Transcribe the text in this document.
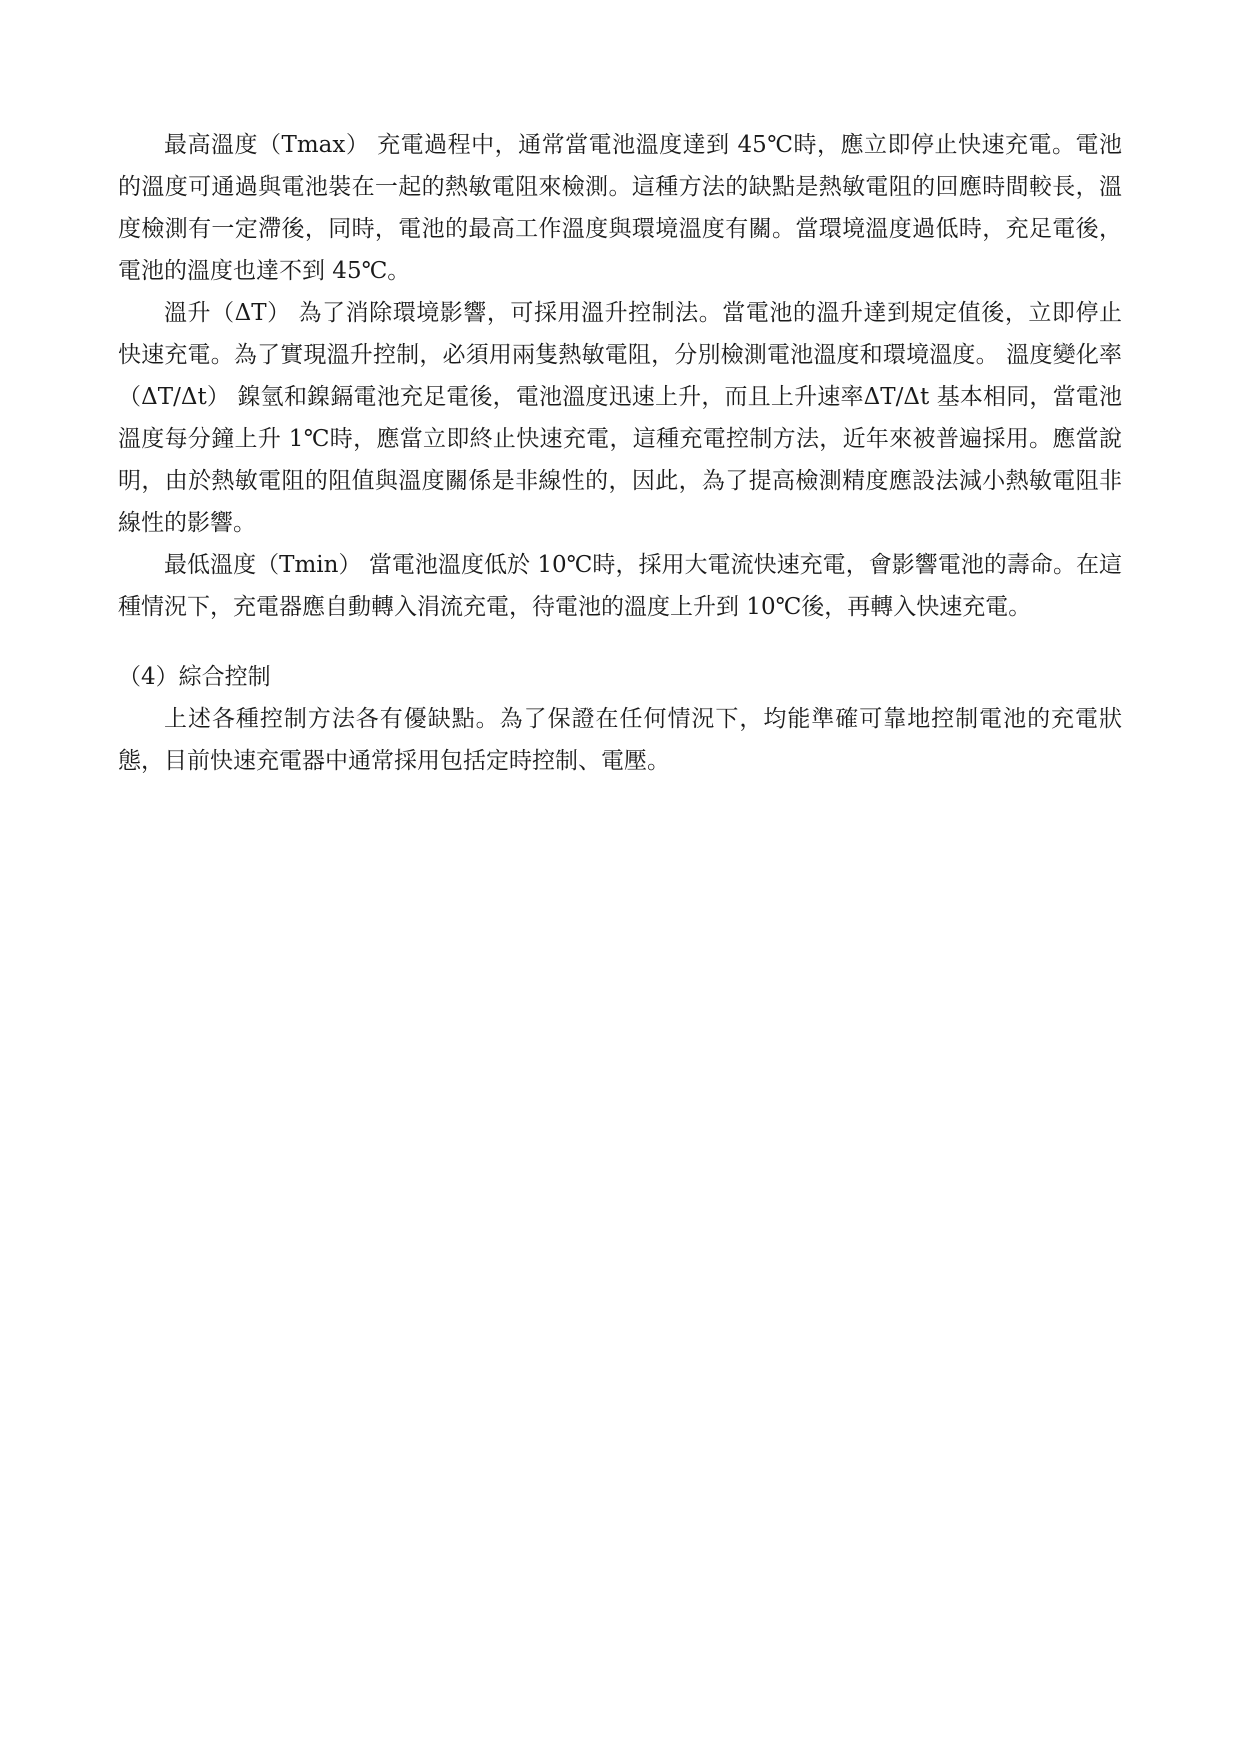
最高溫度（Tmax） 充電過程中，通常當電池溫度達到 45℃時，應立即停止快速充電。電池的溫度可通過與電池裝在一起的熱敏電阻來檢測。這種方法的缺點是熱敏電阻的回應時間較長，溫度檢測有一定滯後，同時，電池的最高工作溫度與環境溫度有關。當環境溫度過低時，充足電後，電池的溫度也達不到 45℃。

溫升（ΔT） 為了消除環境影響，可採用溫升控制法。當電池的溫升達到規定值後，立即停止快速充電。為了實現溫升控制，必須用兩隻熱敏電阻，分別檢測電池溫度和環境溫度。 溫度變化率（ΔT/Δt） 鎳氫和鎳鎘電池充足電後，電池溫度迅速上升，而且上升速率ΔT/Δt 基本相同，當電池溫度每分鐘上升 1℃時，應當立即終止快速充電，這種充電控制方法，近年來被普遍採用。應當說明，由於熱敏電阻的阻值與溫度關係是非線性的，因此，為了提高檢測精度應設法減小熱敏電阻非線性的影響。

最低溫度（Tmin） 當電池溫度低於 10℃時，採用大電流快速充電，會影響電池的壽命。在這種情況下，充電器應自動轉入涓流充電，待電池的溫度上升到 10℃後，再轉入快速充電。

（4）綜合控制

上述各種控制方法各有優缺點。為了保證在任何情況下，均能準確可靠地控制電池的充電狀態，目前快速充電器中通常採用包括定時控制、電壓。
